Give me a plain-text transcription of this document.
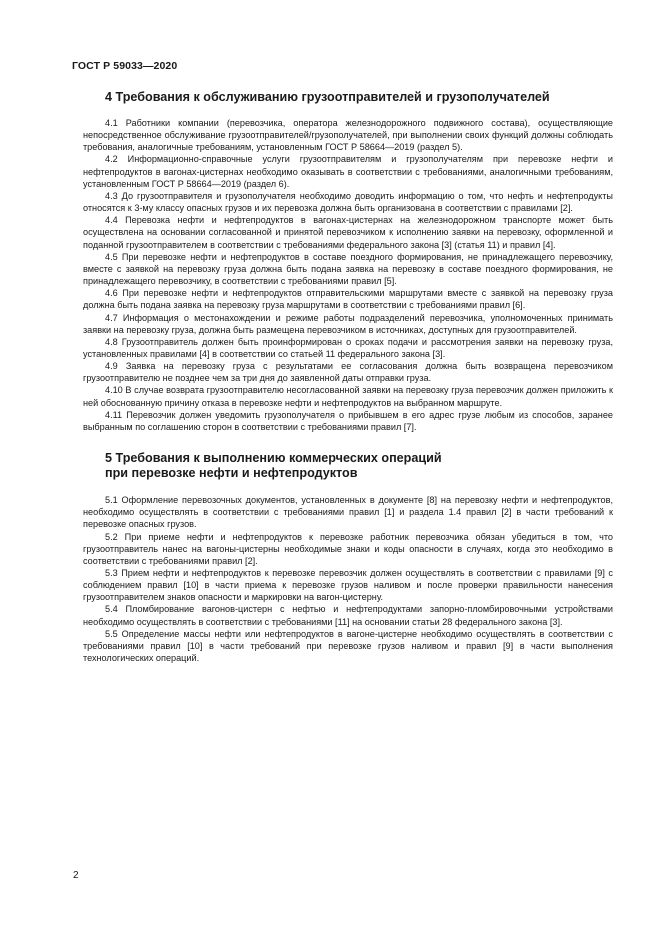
ГОСТ Р 59033—2020
4 Требования к обслуживанию грузоотправителей и грузополучателей

4.1 Работники компании (перевозчика, оператора железнодорожного подвижного состава), осуществляющие непосредственное обслуживание грузоотправителей/грузополучателей, при выполнении своих функций должны соблюдать требования, аналогичные требованиям, установленным ГОСТ Р 58664—2019 (раздел 5).

4.2 Информационно-справочные услуги грузоотправителям и грузополучателям при перевозке нефти и нефтепродуктов в вагонах-цистернах необходимо оказывать в соответствии с требованиями, аналогичными требованиям, установленным ГОСТ Р 58664—2019 (раздел 6).

4.3 До грузоотправителя и грузополучателя необходимо доводить информацию о том, что нефть и нефтепродукты относятся к 3-му классу опасных грузов и их перевозка должна быть организована в соответствии с правилами [2].

4.4 Перевозка нефти и нефтепродуктов в вагонах-цистернах на железнодорожном транспорте может быть осуществлена на основании согласованной и принятой перевозчиком к исполнению заявки на перевозку, оформленной и поданной грузоотправителем в соответствии с требованиями федерального закона [3] (статья 11) и правил [4].

4.5 При перевозке нефти и нефтепродуктов в составе поездного формирования, не принадлежащего перевозчику, вместе с заявкой на перевозку груза должна быть подана заявка на перевозку в составе поездного формирования, не принадлежащего перевозчику, в соответствии с требованиями правил [5].

4.6 При перевозке нефти и нефтепродуктов отправительскими маршрутами вместе с заявкой на перевозку груза должна быть подана заявка на перевозку груза маршрутами в соответствии с требованиями правил [6].

4.7 Информация о местонахождении и режиме работы подразделений перевозчика, уполномоченных принимать заявки на перевозку груза, должна быть размещена перевозчиком в источниках, доступных для грузоотправителей.

4.8 Грузоотправитель должен быть проинформирован о сроках подачи и рассмотрения заявки на перевозку груза, установленных правилами [4] в соответствии со статьей 11 федерального закона [3].

4.9 Заявка на перевозку груза с результатами ее согласования должна быть возвращена перевозчиком грузоотправителю не позднее чем за три дня до заявленной даты отправки груза.

4.10 В случае возврата грузоотправителю несогласованной заявки на перевозку груза перевозчик должен приложить к ней обоснованную причину отказа в перевозке нефти и нефтепродуктов на выбранном маршруте.

4.11 Перевозчик должен уведомить грузополучателя о прибывшем в его адрес грузе любым из способов, заранее выбранным по соглашению сторон в соответствии с требованиями правил [7].

5 Требования к выполнению коммерческих операций
при перевозке нефти и нефтепродуктов

5.1 Оформление перевозочных документов, установленных в документе [8] на перевозку нефти и нефтепродуктов, необходимо осуществлять в соответствии с требованиями правил [1] и раздела 1.4 правил [2] в части требований к перевозке опасных грузов.

5.2 При приеме нефти и нефтепродуктов к перевозке работник перевозчика обязан убедиться в том, что грузоотправитель нанес на вагоны-цистерны необходимые знаки и коды опасности в случаях, когда это необходимо в соответствии с требованиями правил [2].

5.3 Прием нефти и нефтепродуктов к перевозке перевозчик должен осуществлять в соответствии с правилами [9] с соблюдением правил [10] в части приема к перевозке грузов наливом и после проверки правильности нанесения грузоотправителем знаков опасности и маркировки на вагон-цистерну.

5.4 Пломбирование вагонов-цистерн с нефтью и нефтепродуктами запорно-пломбировочными устройствами необходимо осуществлять в соответствии с требованиями [11] на основании статьи 28 федерального закона [3].

5.5 Определение массы нефти или нефтепродуктов в вагоне-цистерне необходимо осуществлять в соответствии с требованиями правил [10] в части требований при перевозке грузов наливом и правил [9] в части выполнения технологических операций.

2
